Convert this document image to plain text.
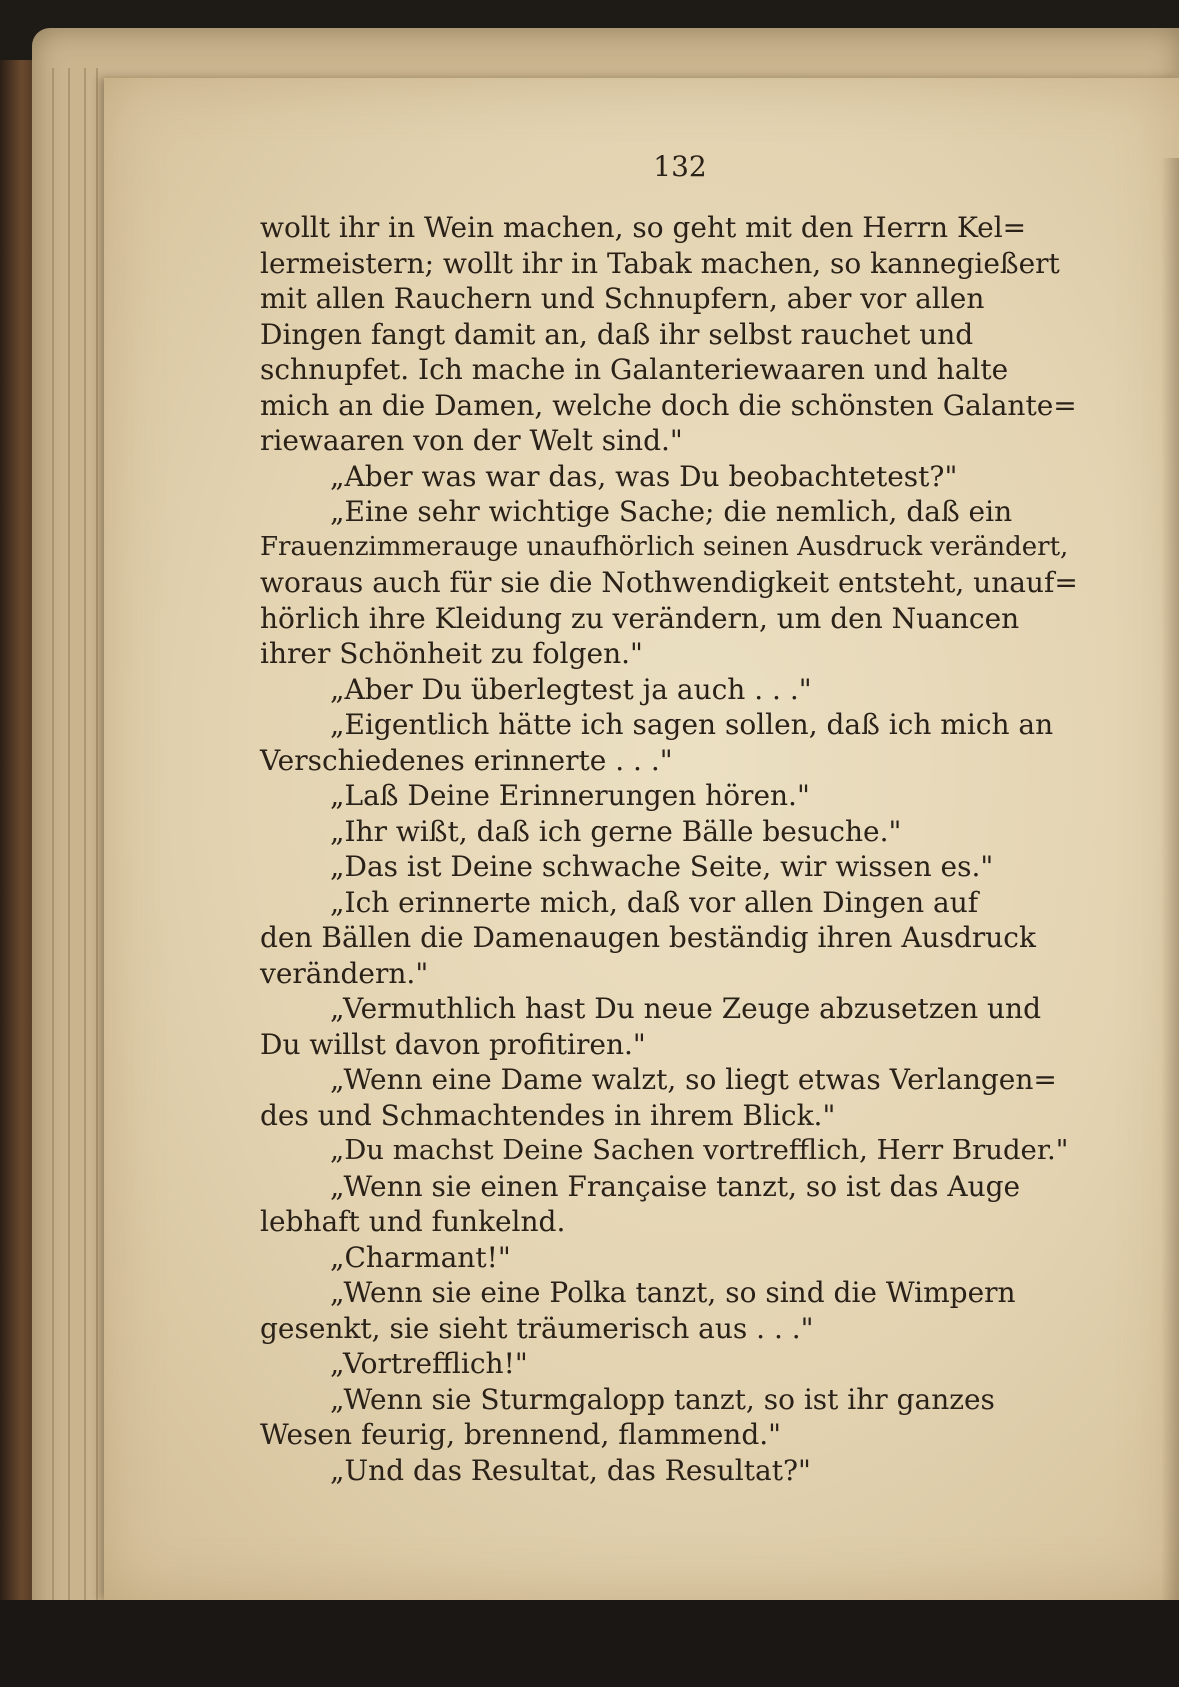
132
wollt ihr in Wein machen, so geht mit den Herrn Kel=
lermeistern; wollt ihr in Tabak machen, so kannegießert
mit allen Rauchern und Schnupfern, aber vor allen
Dingen fangt damit an, daß ihr selbst rauchet und
schnupfet. Ich mache in Galanteriewaaren und halte
mich an die Damen, welche doch die schönsten Galante=
riewaaren von der Welt sind."
„Aber was war das, was Du beobachtetest?"
„Eine sehr wichtige Sache; die nemlich, daß ein
Frauenzimmerauge unaufhörlich seinen Ausdruck verändert,
woraus auch für sie die Nothwendigkeit entsteht, unauf=
hörlich ihre Kleidung zu verändern, um den Nuancen
ihrer Schönheit zu folgen."
„Aber Du überlegtest ja auch . . ."
„Eigentlich hätte ich sagen sollen, daß ich mich an
Verschiedenes erinnerte . . ."
„Laß Deine Erinnerungen hören."
„Ihr wißt, daß ich gerne Bälle besuche."
„Das ist Deine schwache Seite, wir wissen es."
„Ich erinnerte mich, daß vor allen Dingen auf
den Bällen die Damenaugen beständig ihren Ausdruck
verändern."
„Vermuthlich hast Du neue Zeuge abzusetzen und
Du willst davon profitiren."
„Wenn eine Dame walzt, so liegt etwas Verlangen=
des und Schmachtendes in ihrem Blick."
„Du machst Deine Sachen vortrefflich, Herr Bruder."
„Wenn sie einen Française tanzt, so ist das Auge
lebhaft und funkelnd.
„Charmant!"
„Wenn sie eine Polka tanzt, so sind die Wimpern
gesenkt, sie sieht träumerisch aus . . ."
„Vortrefflich!"
„Wenn sie Sturmgalopp tanzt, so ist ihr ganzes
Wesen feurig, brennend, flammend."
„Und das Resultat, das Resultat?"
